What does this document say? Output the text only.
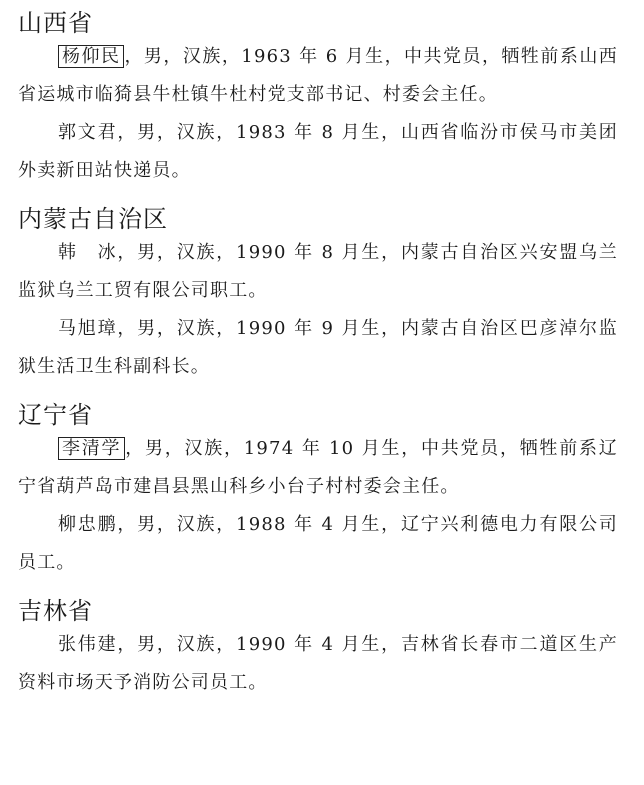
山西省

杨仰民 ，男，汉族，1963 年 6 月生，中共党员，牺牲前系山西省运城市临猗县牛杜镇牛杜村党支部书记、村委会主任。

郭文君，男，汉族，1983 年 8 月生，山西省临汾市侯马市美团外卖新田站快递员。

内蒙古自治区

韩　冰，男，汉族，1990 年 8 月生，内蒙古自治区兴安盟乌兰监狱乌兰工贸有限公司职工。

马旭璋，男，汉族，1990 年 9 月生，内蒙古自治区巴彦淖尔监狱生活卫生科副科长。

辽宁省

李清学 ，男，汉族，1974 年 10 月生，中共党员，牺牲前系辽宁省葫芦岛市建昌县黑山科乡小台子村村委会主任。

柳忠鹏，男，汉族，1988 年 4 月生，辽宁兴利德电力有限公司员工。

吉林省

张伟建，男，汉族，1990 年 4 月生，吉林省长春市二道区生产资料市场天予消防公司员工。
